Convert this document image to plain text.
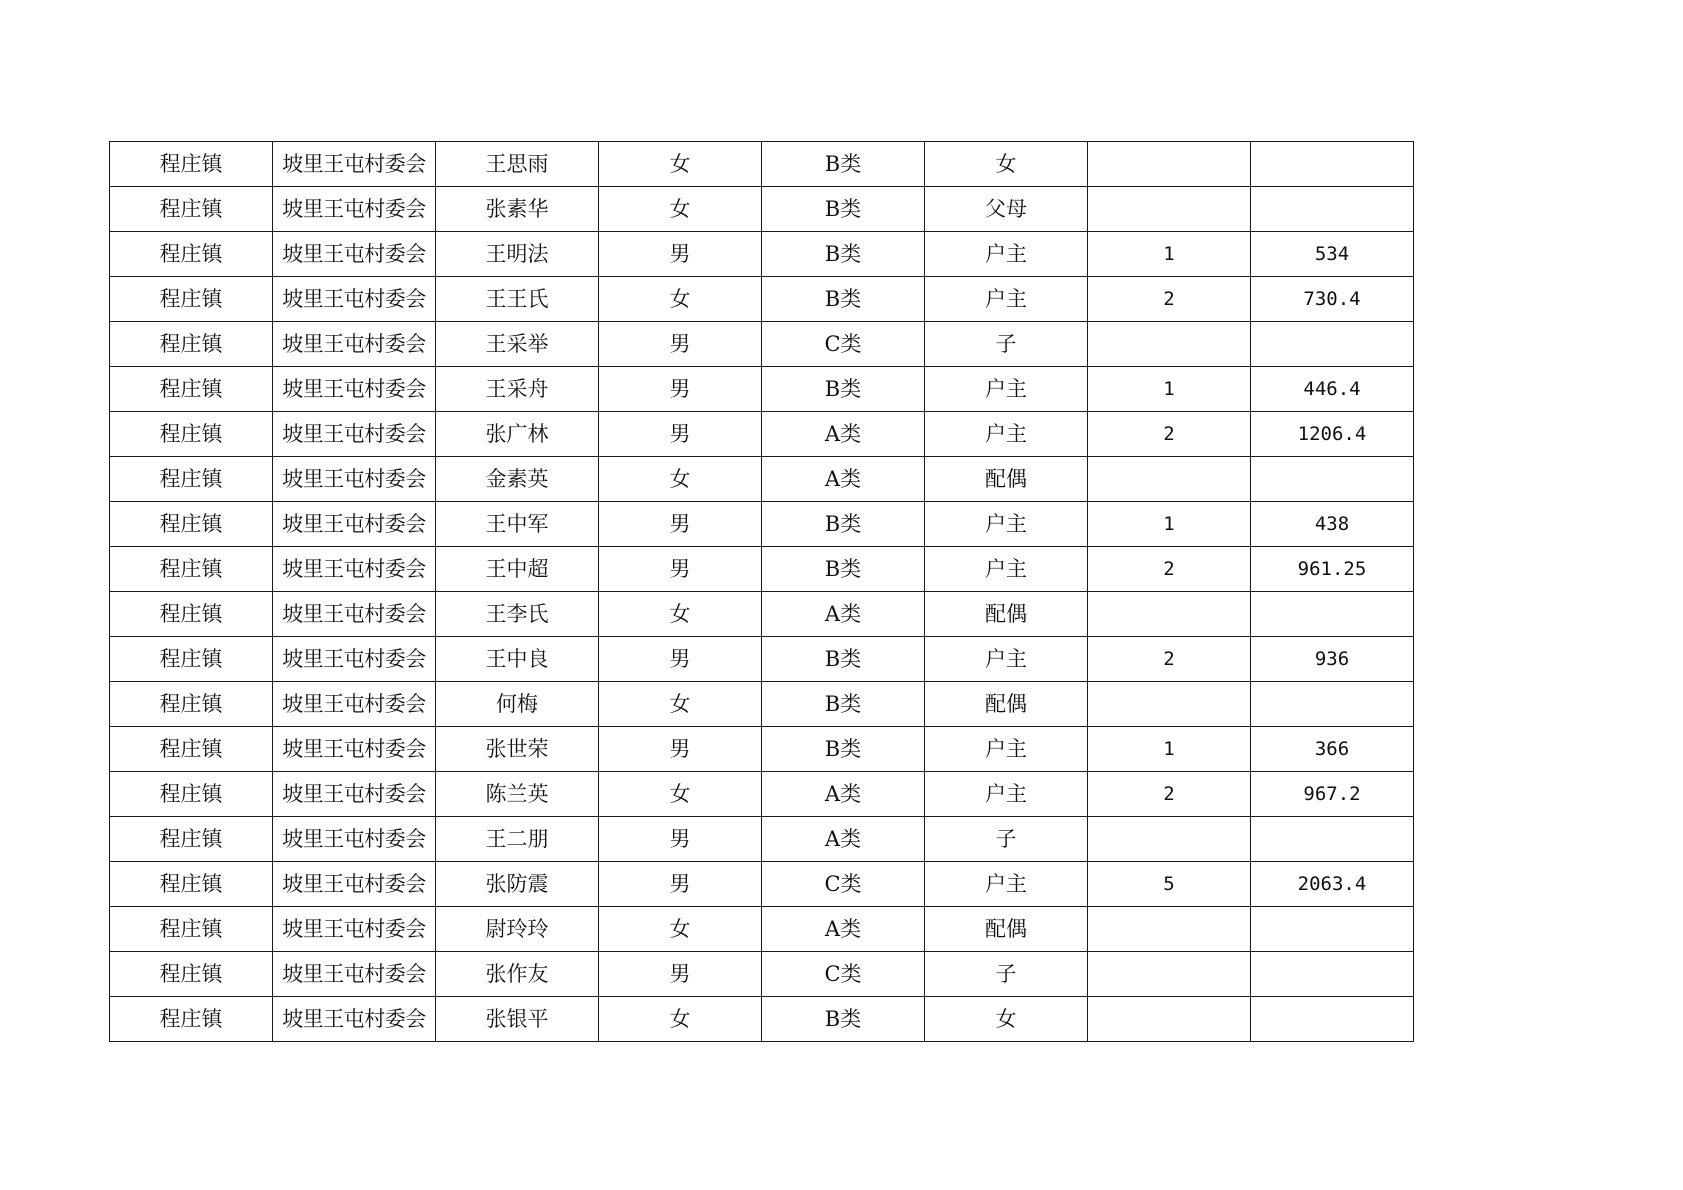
程庄镇	坡里王屯村委会	王思雨	女	B类	女		
程庄镇	坡里王屯村委会	张素华	女	B类	父母		
程庄镇	坡里王屯村委会	王明法	男	B类	户主	1	534
程庄镇	坡里王屯村委会	王王氏	女	B类	户主	2	730.4
程庄镇	坡里王屯村委会	王采举	男	C类	子		
程庄镇	坡里王屯村委会	王采舟	男	B类	户主	1	446.4
程庄镇	坡里王屯村委会	张广林	男	A类	户主	2	1206.4
程庄镇	坡里王屯村委会	金素英	女	A类	配偶		
程庄镇	坡里王屯村委会	王中军	男	B类	户主	1	438
程庄镇	坡里王屯村委会	王中超	男	B类	户主	2	961.25
程庄镇	坡里王屯村委会	王李氏	女	A类	配偶		
程庄镇	坡里王屯村委会	王中良	男	B类	户主	2	936
程庄镇	坡里王屯村委会	何梅	女	B类	配偶		
程庄镇	坡里王屯村委会	张世荣	男	B类	户主	1	366
程庄镇	坡里王屯村委会	陈兰英	女	A类	户主	2	967.2
程庄镇	坡里王屯村委会	王二朋	男	A类	子		
程庄镇	坡里王屯村委会	张防震	男	C类	户主	5	2063.4
程庄镇	坡里王屯村委会	尉玲玲	女	A类	配偶		
程庄镇	坡里王屯村委会	张作友	男	C类	子		
程庄镇	坡里王屯村委会	张银平	女	B类	女		
